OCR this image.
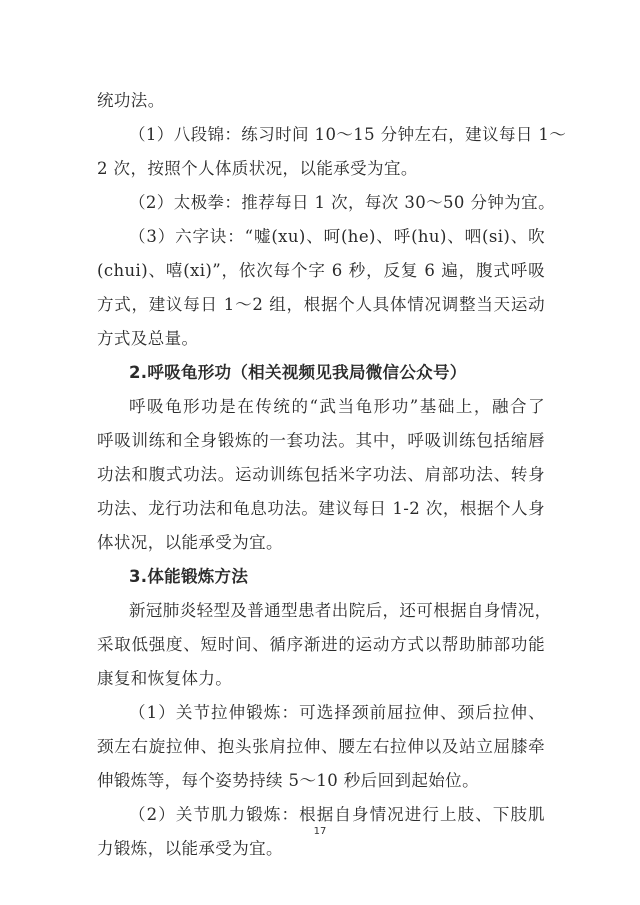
统功法。
（1）八段锦：练习时间 10～15 分钟左右，建议每日 1～
2 次，按照个人体质状况，以能承受为宜。
（2）太极拳：推荐每日 1 次，每次 30～50 分钟为宜。
（3）六字诀：“嘘(xu)、呵(he)、呼(hu)、呬(si)、吹
(chui)、嘻(xi)”，依次每个字 6 秒，反复 6 遍，腹式呼吸
方式，建议每日 1～2 组，根据个人具体情况调整当天运动
方式及总量。
2.呼吸龟形功（相关视频见我局微信公众号）
呼吸龟形功是在传统的“武当龟形功”基础上，融合了
呼吸训练和全身锻炼的一套功法。其中，呼吸训练包括缩唇
功法和腹式功法。运动训练包括米字功法、肩部功法、转身
功法、龙行功法和龟息功法。建议每日 1-2 次，根据个人身
体状况，以能承受为宜。
3.体能锻炼方法
新冠肺炎轻型及普通型患者出院后，还可根据自身情况，
采取低强度、短时间、循序渐进的运动方式以帮助肺部功能
康复和恢复体力。
（1）关节拉伸锻炼：可选择颈前屈拉伸、颈后拉伸、
颈左右旋拉伸、抱头张肩拉伸、腰左右拉伸以及站立屈膝牵
伸锻炼等，每个姿势持续 5～10 秒后回到起始位。
（2）关节肌力锻炼：根据自身情况进行上肢、下肢肌
力锻炼，以能承受为宜。
17
